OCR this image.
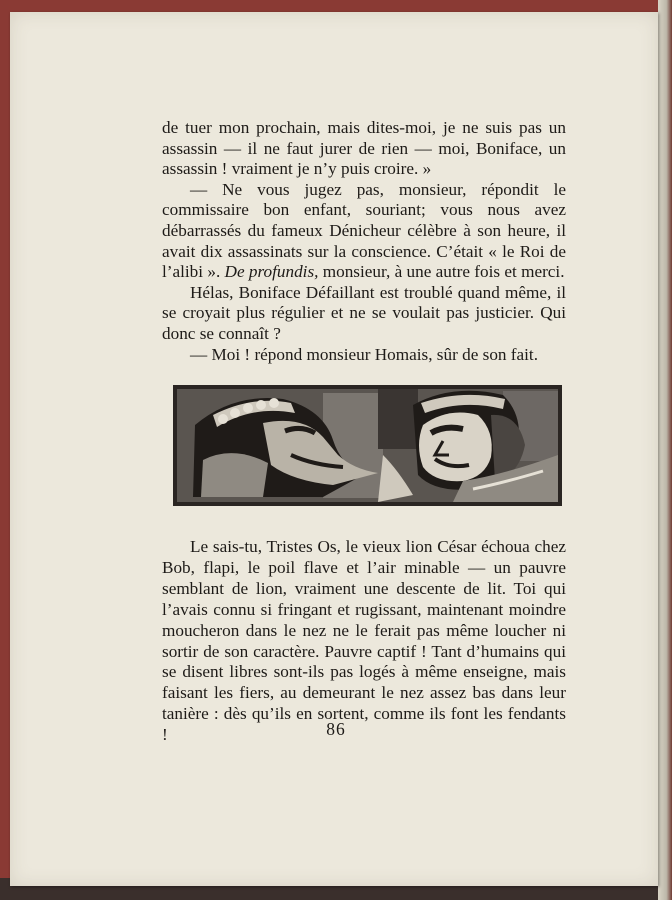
de tuer mon prochain, mais dites-moi, je ne suis pas un assassin — il ne faut jurer de rien — moi, Boniface, un assassin ! vraiment je n’y puis croire. »

— Ne vous jugez pas, monsieur, répondit le commissaire bon enfant, souriant; vous nous avez débarrassés du fameux Dénicheur célèbre à son heure, il avait dix assassinats sur la conscience. C’était « le Roi de l’alibi ». De profundis, monsieur, à une autre fois et merci.

Hélas, Boniface Défaillant est troublé quand même, il se croyait plus régulier et ne se voulait pas justicier. Qui donc se connaît ?

— Moi ! répond monsieur Homais, sûr de son fait.

Le sais-tu, Tristes Os, le vieux lion César échoua chez Bob, flapi, le poil flave et l’air minable — un pauvre semblant de lion, vraiment une descente de lit. Toi qui l’avais connu si fringant et rugissant, maintenant moindre moucheron dans le nez ne le ferait pas même loucher ni sortir de son caractère. Pauvre captif ! Tant d’humains qui se disent libres sont-ils pas logés à même enseigne, mais faisant les fiers, au demeurant le nez assez bas dans leur tanière : dès qu’ils en sortent, comme ils font les fendants !	86
